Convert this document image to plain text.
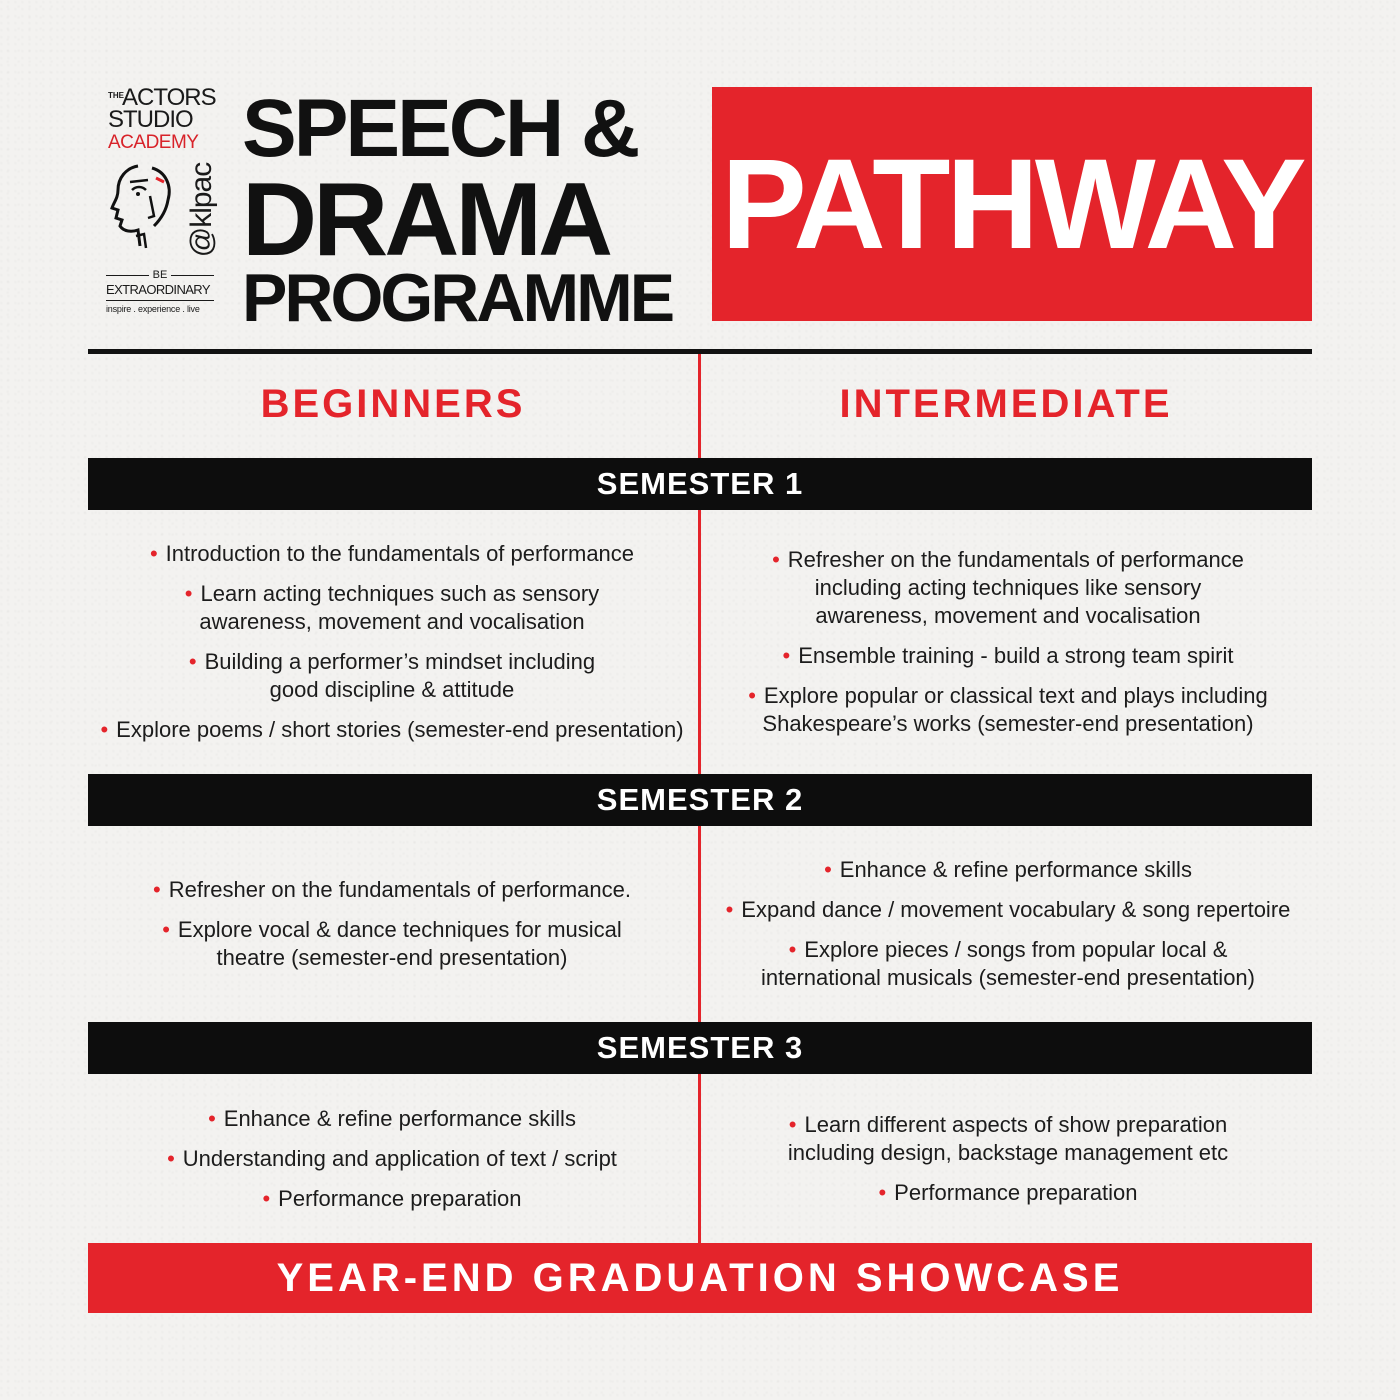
THE
ACTORS
STUDIO
ACADEMY
@klpac
BE
EXTRAORDINARY
inspire . experience . live
SPEECH &
DRAMA
PROGRAMME
PATHWAY
BEGINNERS	INTERMEDIATE
SEMESTER 1
SEMESTER 2
SEMESTER 3
• Introduction to the fundamentals of performance
• Learn acting techniques such as sensory
awareness, movement and vocalisation
• Building a performer’s mindset including
good discipline & attitude
• Explore poems / short stories (semester-end presentation)
• Refresher on the fundamentals of performance
including acting techniques like sensory
awareness, movement and vocalisation
• Ensemble training - build a strong team spirit
• Explore popular or classical text and plays including
Shakespeare’s works (semester-end presentation)
• Refresher on the fundamentals of performance.
• Explore vocal & dance techniques for musical
theatre (semester-end presentation)
• Enhance & refine performance skills
• Expand dance / movement vocabulary & song repertoire
• Explore pieces / songs from popular local &
international musicals (semester-end presentation)
• Enhance & refine performance skills
• Understanding and application of text / script
• Performance preparation
• Learn different aspects of show preparation
including design, backstage management etc
• Performance preparation
YEAR-END GRADUATION SHOWCASE
